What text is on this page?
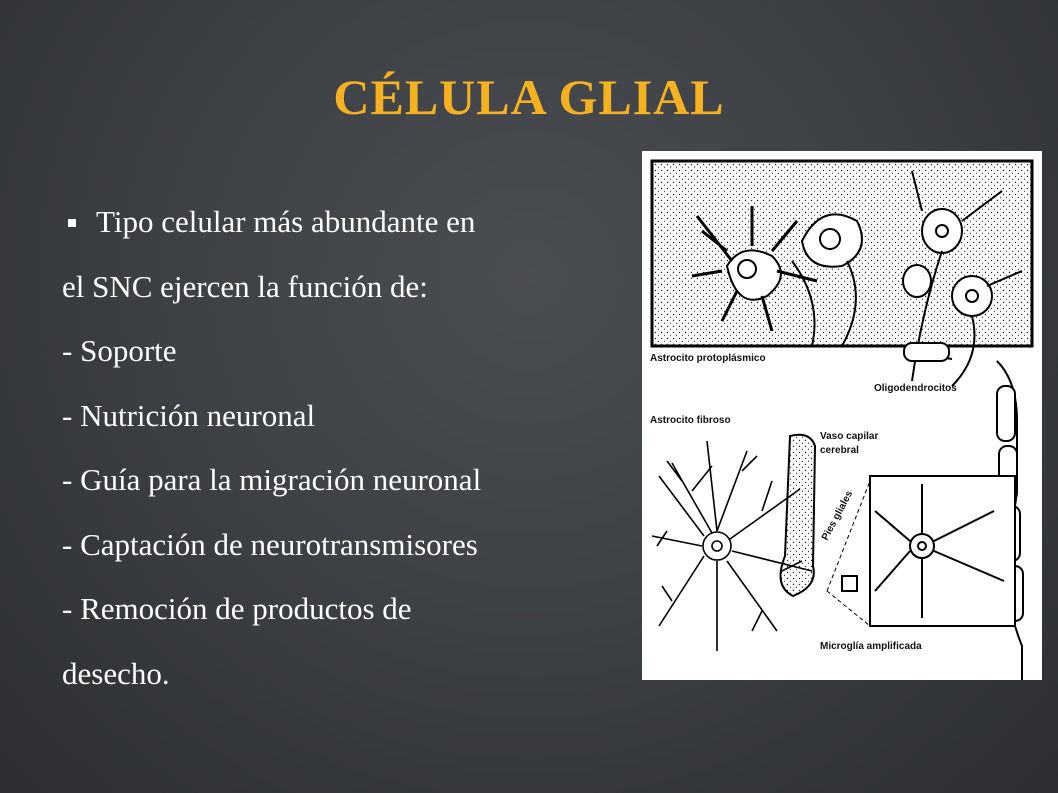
CÉLULA GLIAL
Tipo celular más abundante en
el SNC ejercen la función de:
- Soporte
- Nutrición neuronal
- Guía para la migración neuronal
- Captación de neurotransmisores
- Remoción de productos de
desecho.
Astrocito protoplásmico
Oligodendrocitos
Astrocito fibroso
Vaso capilar
cerebral
Pies gliales
Microglía amplificada
